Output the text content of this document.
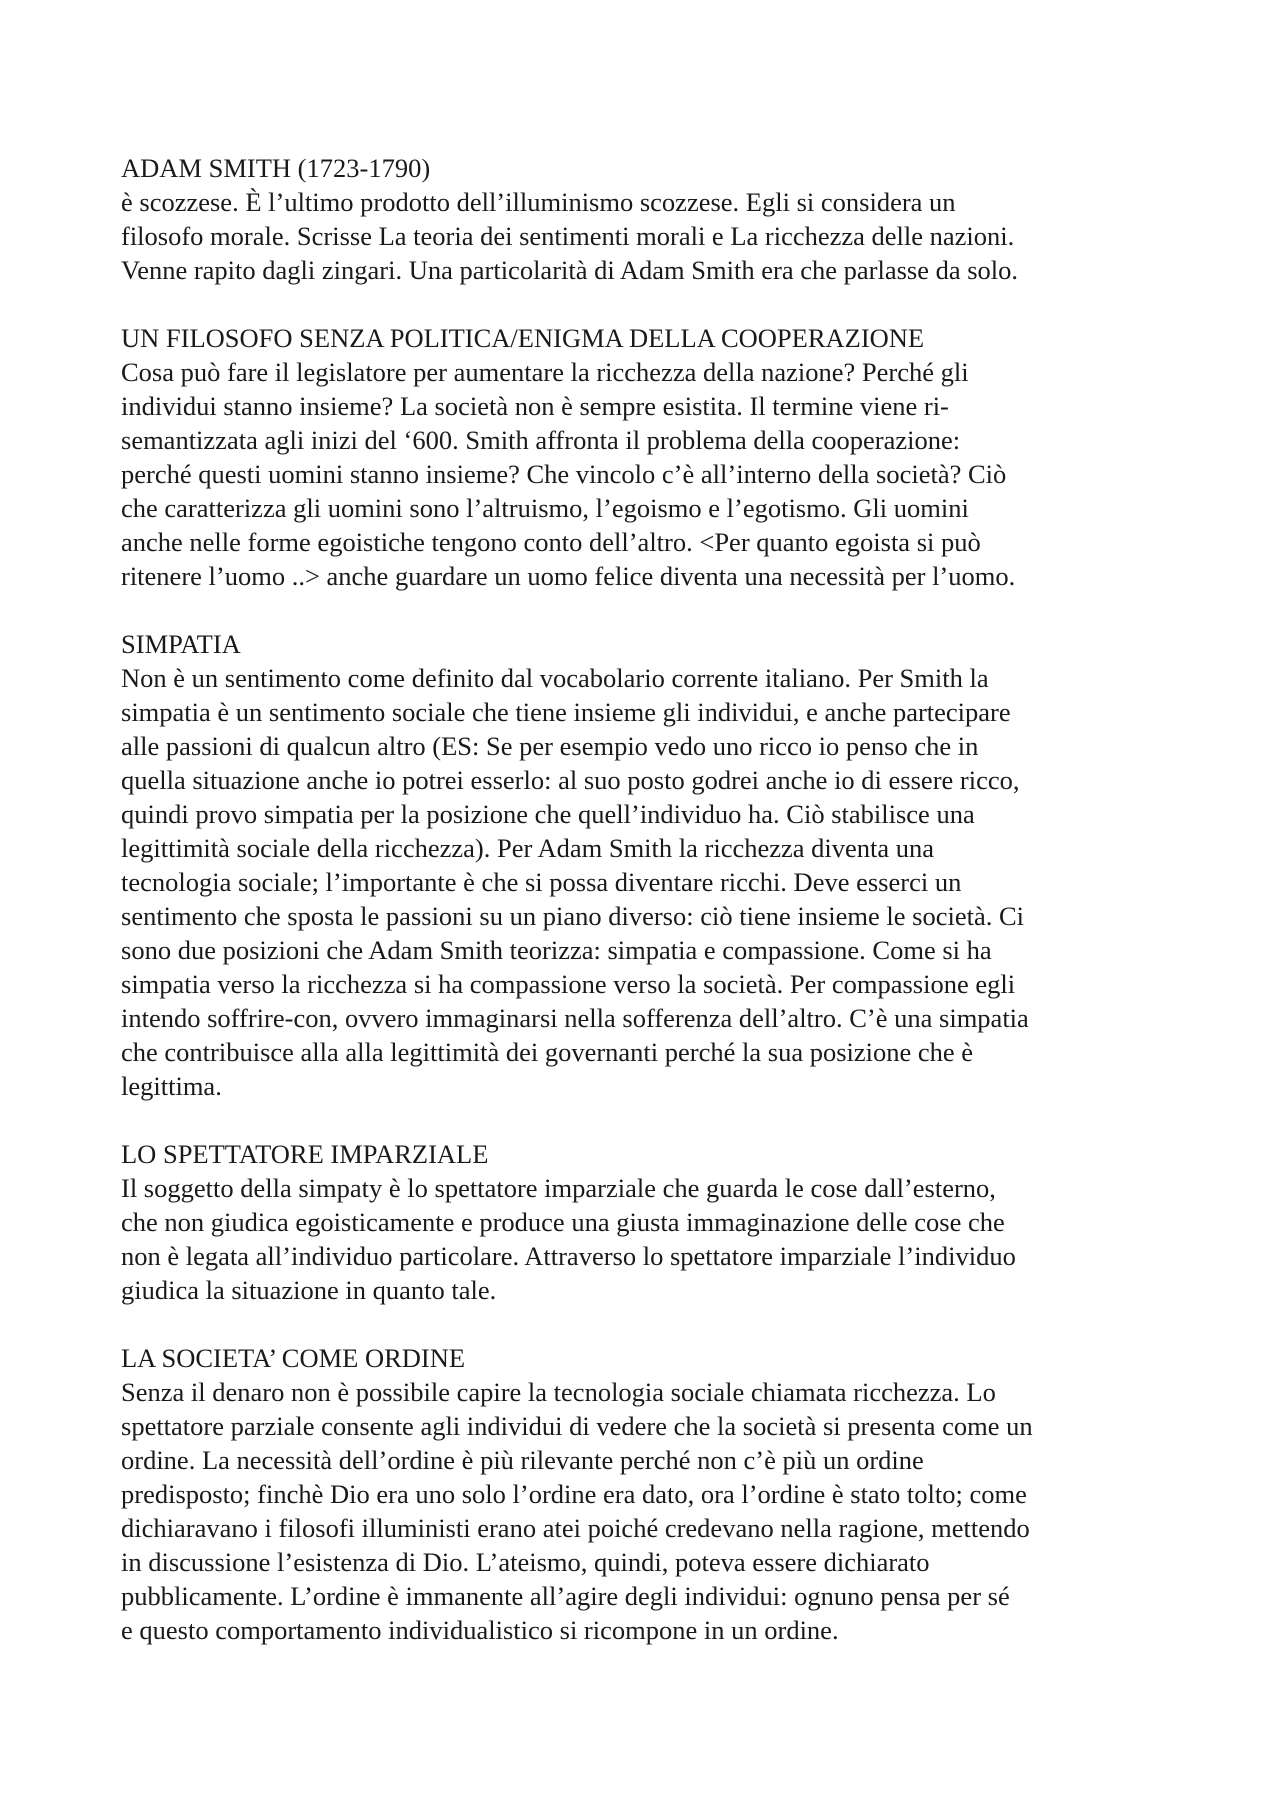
ADAM SMITH (1723-1790)
è scozzese. È l’ultimo prodotto dell’illuminismo scozzese. Egli si considera un
filosofo morale. Scrisse La teoria dei sentimenti morali e La ricchezza delle nazioni.
Venne rapito dagli zingari. Una particolarità di Adam Smith era che parlasse da solo.
UN FILOSOFO SENZA POLITICA/ENIGMA DELLA COOPERAZIONE
Cosa può fare il legislatore per aumentare la ricchezza della nazione? Perché gli
individui stanno insieme? La società non è sempre esistita. Il termine viene ri-
semantizzata agli inizi del ‘600. Smith affronta il problema della cooperazione:
perché questi uomini stanno insieme? Che vincolo c’è all’interno della società? Ciò
che caratterizza gli uomini sono l’altruismo, l’egoismo e l’egotismo. Gli uomini
anche nelle forme egoistiche tengono conto dell’altro. <Per quanto egoista si può
ritenere l’uomo ..> anche guardare un uomo felice diventa una necessità per l’uomo.
SIMPATIA
Non è un sentimento come definito dal vocabolario corrente italiano. Per Smith la
simpatia è un sentimento sociale che tiene insieme gli individui, e anche partecipare
alle passioni di qualcun altro (ES: Se per esempio vedo uno ricco io penso che in
quella situazione anche io potrei esserlo: al suo posto godrei anche io di essere ricco,
quindi provo simpatia per la posizione che quell’individuo ha. Ciò stabilisce una
legittimità sociale della ricchezza). Per Adam Smith la ricchezza diventa una
tecnologia sociale; l’importante è che si possa diventare ricchi. Deve esserci un
sentimento che sposta le passioni su un piano diverso: ciò tiene insieme le società. Ci
sono due posizioni che Adam Smith teorizza: simpatia e compassione. Come si ha
simpatia verso la ricchezza si ha compassione verso la società. Per compassione egli
intendo soffrire-con, ovvero immaginarsi nella sofferenza dell’altro. C’è una simpatia
che contribuisce alla alla legittimità dei governanti perché la sua posizione che è
legittima.
LO SPETTATORE IMPARZIALE
Il soggetto della simpaty è lo spettatore imparziale che guarda le cose dall’esterno,
che non giudica egoisticamente e produce una giusta immaginazione delle cose che
non è legata all’individuo particolare. Attraverso lo spettatore imparziale l’individuo
giudica la situazione in quanto tale.
LA SOCIETA’ COME ORDINE
Senza il denaro non è possibile capire la tecnologia sociale chiamata ricchezza. Lo
spettatore parziale consente agli individui di vedere che la società si presenta come un
ordine. La necessità dell’ordine è più rilevante perché non c’è più un ordine
predisposto; finchè Dio era uno solo l’ordine era dato, ora l’ordine è stato tolto; come
dichiaravano i filosofi illuministi erano atei poiché credevano nella ragione, mettendo
in discussione l’esistenza di Dio. L’ateismo, quindi, poteva essere dichiarato
pubblicamente. L’ordine è immanente all’agire degli individui: ognuno pensa per sé
e questo comportamento individualistico si ricompone in un ordine.
